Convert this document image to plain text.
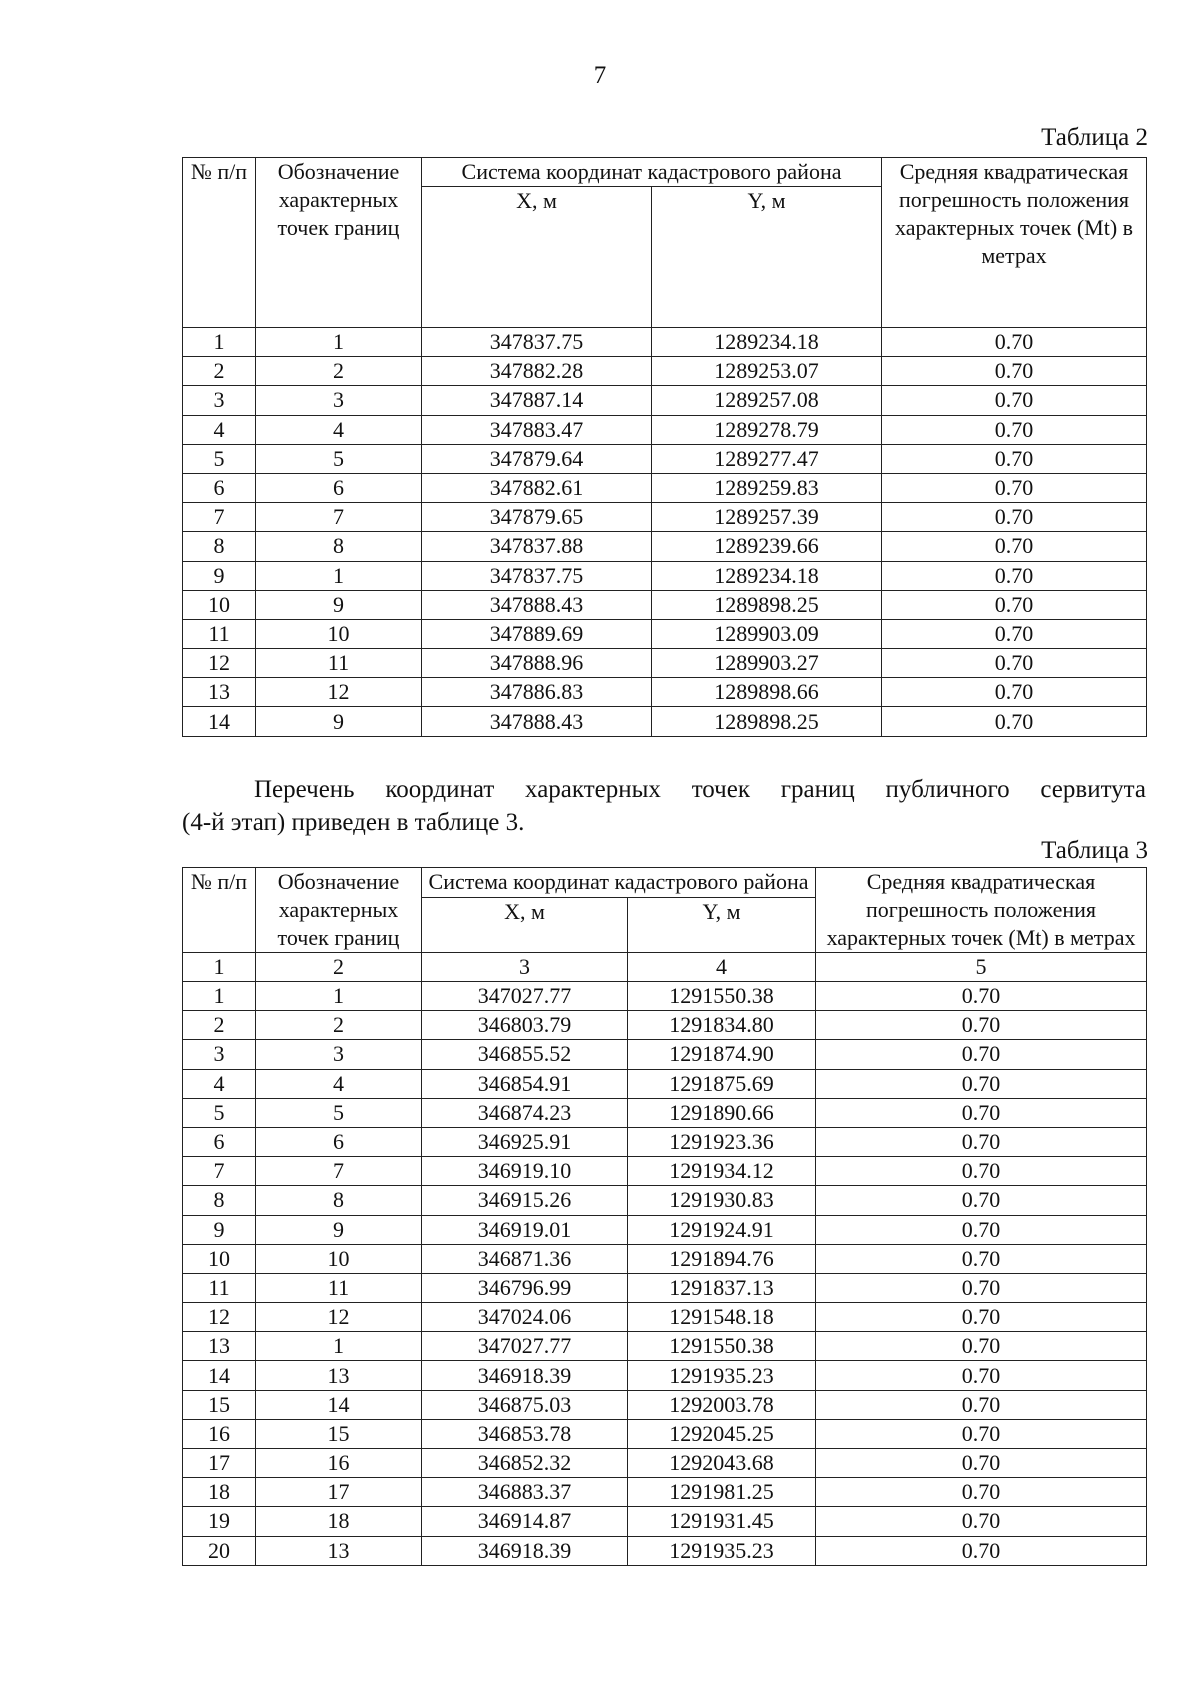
7
Таблица 2
№ п/п	Обозначение характерных точек границ	Система координат кадастрового района		Средняя квадратическая погрешность положения характерных точек (Mt) в метрах
		X, м	Y, м	
1	1	347837.75	1289234.18	0.70
2	2	347882.28	1289253.07	0.70
3	3	347887.14	1289257.08	0.70
4	4	347883.47	1289278.79	0.70
5	5	347879.64	1289277.47	0.70
6	6	347882.61	1289259.83	0.70
7	7	347879.65	1289257.39	0.70
8	8	347837.88	1289239.66	0.70
9	1	347837.75	1289234.18	0.70
10	9	347888.43	1289898.25	0.70
11	10	347889.69	1289903.09	0.70
12	11	347888.96	1289903.27	0.70
13	12	347886.83	1289898.66	0.70
14	9	347888.43	1289898.25	0.70
Перечень координат характерных точек границ публичного сервитута
(4-й этап) приведен в таблице 3.
Таблица 3
№ п/п	Обозначение характерных точек границ	Система координат кадастрового района		Средняя квадратическая погрешность положения характерных точек (Mt) в метрах
		X, м	Y, м	
1	2	3	4	5
1	1	347027.77	1291550.38	0.70
2	2	346803.79	1291834.80	0.70
3	3	346855.52	1291874.90	0.70
4	4	346854.91	1291875.69	0.70
5	5	346874.23	1291890.66	0.70
6	6	346925.91	1291923.36	0.70
7	7	346919.10	1291934.12	0.70
8	8	346915.26	1291930.83	0.70
9	9	346919.01	1291924.91	0.70
10	10	346871.36	1291894.76	0.70
11	11	346796.99	1291837.13	0.70
12	12	347024.06	1291548.18	0.70
13	1	347027.77	1291550.38	0.70
14	13	346918.39	1291935.23	0.70
15	14	346875.03	1292003.78	0.70
16	15	346853.78	1292045.25	0.70
17	16	346852.32	1292043.68	0.70
18	17	346883.37	1291981.25	0.70
19	18	346914.87	1291931.45	0.70
20	13	346918.39	1291935.23	0.70
